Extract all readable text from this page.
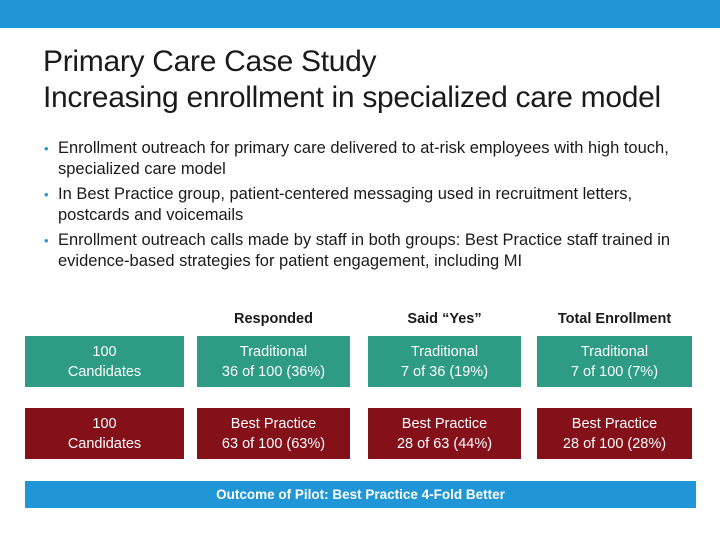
Primary Care Case Study
Increasing enrollment in specialized care model
• Enrollment outreach for primary care delivered to at-risk employees with high touch, specialized care model
• In Best Practice group, patient-centered messaging used in recruitment letters, postcards and voicemails
• Enrollment outreach calls made by staff in both groups: Best Practice staff trained in evidence-based strategies for patient engagement, including MI
Responded	Said “Yes”	Total Enrollment
100
Candidates
Traditional
36 of 100 (36%)
Traditional
7 of 36 (19%)
Traditional
7 of 100 (7%)
100
Candidates
Best Practice
63 of 100 (63%)
Best Practice
28 of 63 (44%)
Best Practice
28 of 100 (28%)
Outcome of Pilot: Best Practice 4-Fold Better
